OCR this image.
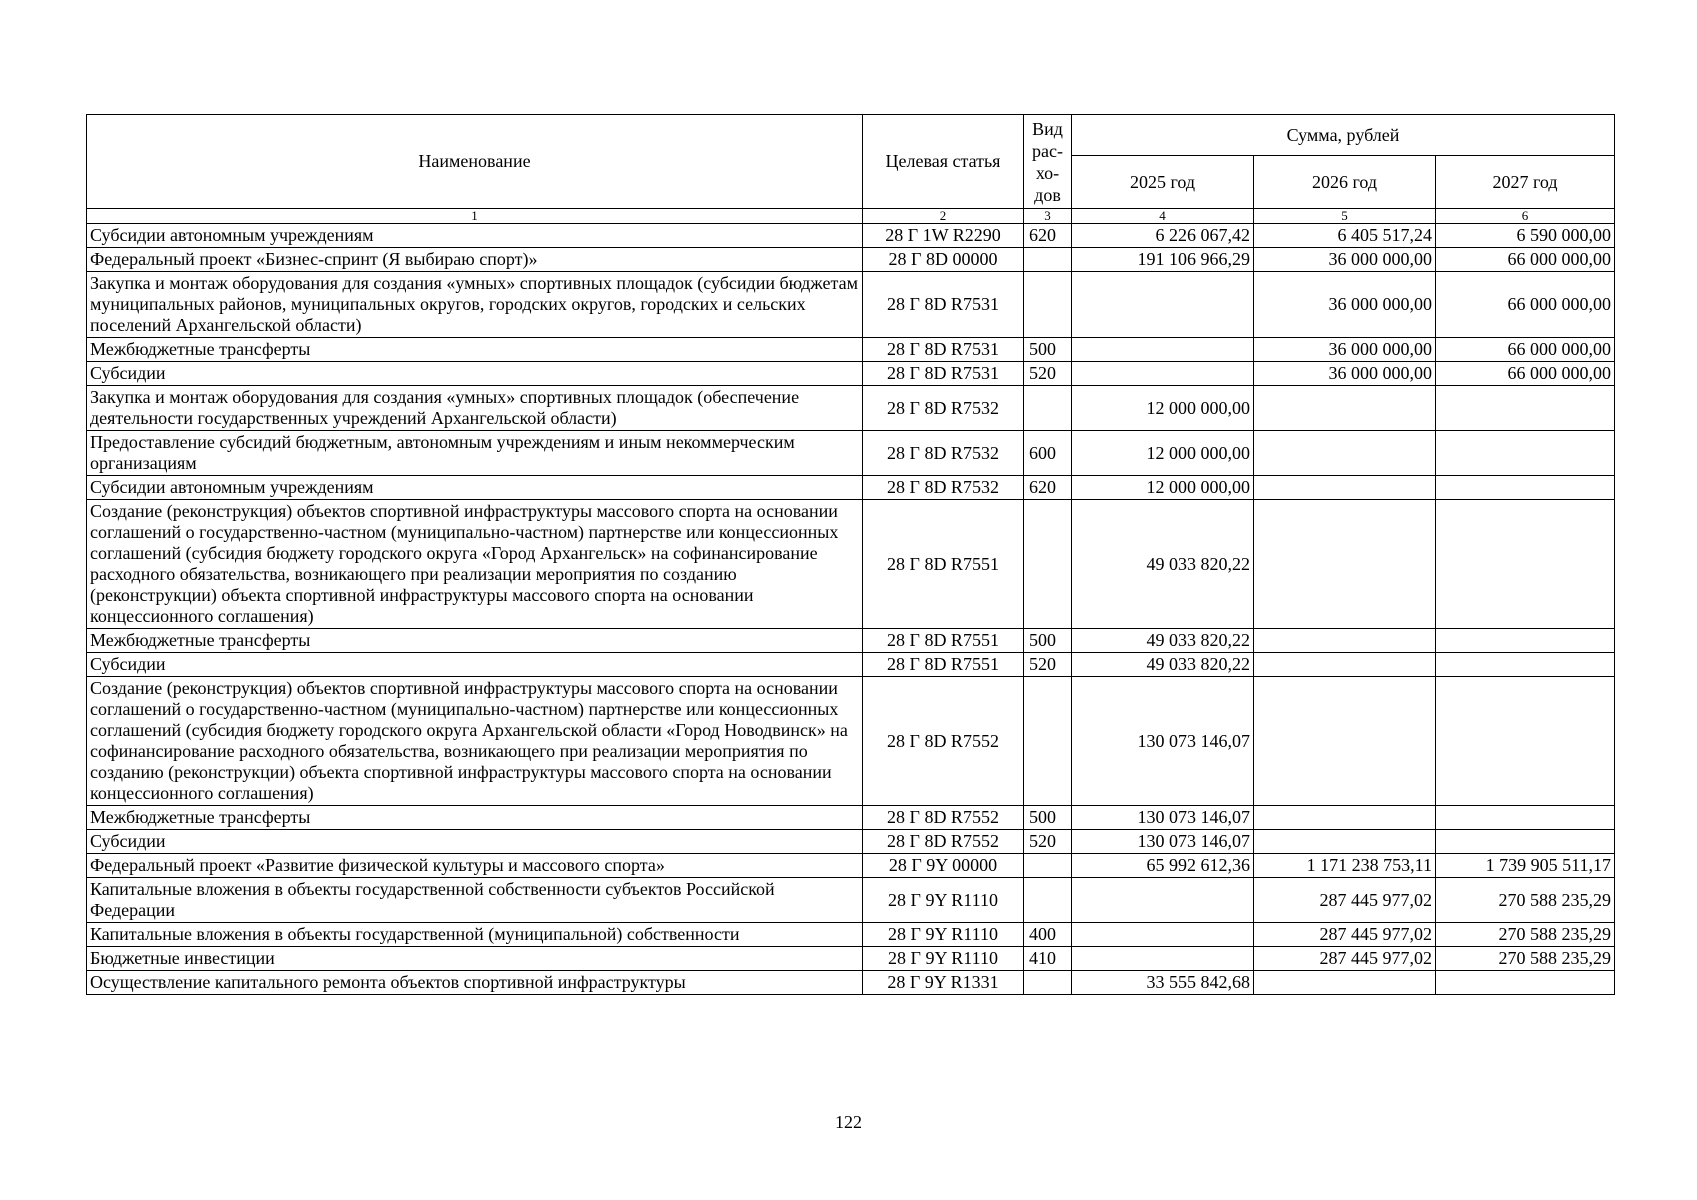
Наименование	Целевая статья	Вид рас-хо-дов	Сумма, рублей		
			2025 год	2026 год	2027 год
1	2	3	4	5	6
Субсидии автономным учреждениям	28 Г 1W R2290	620	6 226 067,42	6 405 517,24	6 590 000,00
Федеральный проект «Бизнес-спринт (Я выбираю спорт)»	28 Г 8D 00000		191 106 966,29	36 000 000,00	66 000 000,00
Закупка и монтаж оборудования для создания «умных» спортивных площадок (субсидии бюджетам муниципальных районов, муниципальных округов, городских округов, городских и сельских поселений Архангельской области)	28 Г 8D R7531			36 000 000,00	66 000 000,00
Межбюджетные трансферты	28 Г 8D R7531	500		36 000 000,00	66 000 000,00
Субсидии	28 Г 8D R7531	520		36 000 000,00	66 000 000,00
Закупка и монтаж оборудования для создания «умных» спортивных площадок (обеспечение деятельности государственных учреждений Архангельской области)	28 Г 8D R7532		12 000 000,00		
Предоставление субсидий бюджетным, автономным учреждениям и иным некоммерческим организациям	28 Г 8D R7532	600	12 000 000,00		
Субсидии автономным учреждениям	28 Г 8D R7532	620	12 000 000,00		
Создание (реконструкция) объектов спортивной инфраструктуры массового спорта на основании соглашений о государственно-частном (муниципально-частном) партнерстве или концессионных соглашений (субсидия бюджету городского округа «Город Архангельск» на софинансирование расходного обязательства, возникающего при реализации мероприятия по созданию (реконструкции) объекта спортивной инфраструктуры массового спорта на основании концессионного соглашения)	28 Г 8D R7551		49 033 820,22		
Межбюджетные трансферты	28 Г 8D R7551	500	49 033 820,22		
Субсидии	28 Г 8D R7551	520	49 033 820,22		
Создание (реконструкция) объектов спортивной инфраструктуры массового спорта на основании соглашений о государственно-частном (муниципально-частном) партнерстве или концессионных соглашений (субсидия бюджету городского округа Архангельской области «Город Новодвинск» на софинансирование расходного обязательства, возникающего при реализации мероприятия по созданию (реконструкции) объекта спортивной инфраструктуры массового спорта на основании концессионного соглашения)	28 Г 8D R7552		130 073 146,07		
Межбюджетные трансферты	28 Г 8D R7552	500	130 073 146,07		
Субсидии	28 Г 8D R7552	520	130 073 146,07		
Федеральный проект «Развитие физической культуры и массового спорта»	28 Г 9Y 00000		65 992 612,36	1 171 238 753,11	1 739 905 511,17
Капитальные вложения в объекты государственной собственности субъектов Российской Федерации	28 Г 9Y R1110			287 445 977,02	270 588 235,29
Капитальные вложения в объекты государственной (муниципальной) собственности	28 Г 9Y R1110	400		287 445 977,02	270 588 235,29
Бюджетные инвестиции	28 Г 9Y R1110	410		287 445 977,02	270 588 235,29
Осуществление капитального ремонта объектов спортивной инфраструктуры	28 Г 9Y R1331		33 555 842,68		
122
